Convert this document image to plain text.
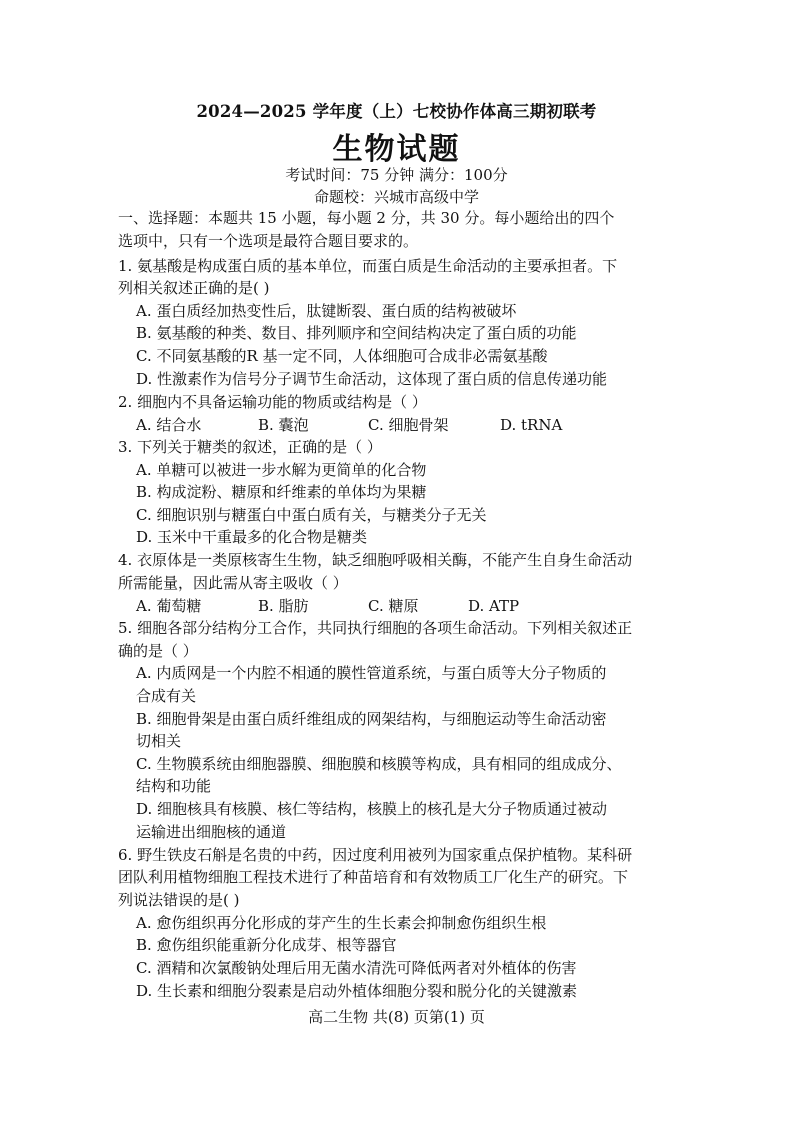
2024—2025 学年度（上）七校协作体高三期初联考
生物试题
考试时间：75 分钟 满分：100分
命题校：兴城市高级中学
一、选择题：本题共 15 小题，每小题 2 分，共 30 分。每小题给出的四个
选项中，只有一个选项是最符合题目要求的。
1. 氨基酸是构成蛋白质的基本单位，而蛋白质是生命活动的主要承担者。下
列相关叙述正确的是( )
A. 蛋白质经加热变性后，肽键断裂、蛋白质的结构被破坏
B. 氨基酸的种类、数目、排列顺序和空间结构决定了蛋白质的功能
C. 不同氨基酸的R 基一定不同，人体细胞可合成非必需氨基酸
D. 性激素作为信号分子调节生命活动，这体现了蛋白质的信息传递功能
2. 细胞内不具备运输功能的物质或结构是（ ）
A. 结合水	B. 囊泡	C. 细胞骨架	D. tRNA
3. 下列关于糖类的叙述，正确的是（ ）
A. 单糖可以被进一步水解为更简单的化合物
B. 构成淀粉、糖原和纤维素的单体均为果糖
C. 细胞识别与糖蛋白中蛋白质有关，与糖类分子无关
D. 玉米中干重最多的化合物是糖类
4. 衣原体是一类原核寄生生物，缺乏细胞呼吸相关酶，不能产生自身生命活动
所需能量，因此需从寄主吸收（ ）
A. 葡萄糖	B. 脂肪	C. 糖原	D. ATP
5. 细胞各部分结构分工合作，共同执行细胞的各项生命活动。下列相关叙述正
确的是（ ）
A. 内质网是一个内腔不相通的膜性管道系统，与蛋白质等大分子物质的
合成有关
B. 细胞骨架是由蛋白质纤维组成的网架结构，与细胞运动等生命活动密
切相关
C. 生物膜系统由细胞器膜、细胞膜和核膜等构成，具有相同的组成成分、
结构和功能
D. 细胞核具有核膜、核仁等结构，核膜上的核孔是大分子物质通过被动
运输进出细胞核的通道
6. 野生铁皮石斛是名贵的中药，因过度利用被列为国家重点保护植物。某科研
团队利用植物细胞工程技术进行了种苗培育和有效物质工厂化生产的研究。下
列说法错误的是( )
A. 愈伤组织再分化形成的芽产生的生长素会抑制愈伤组织生根
B. 愈伤组织能重新分化成芽、根等器官
C. 酒精和次氯酸钠处理后用无菌水清洗可降低两者对外植体的伤害
D. 生长素和细胞分裂素是启动外植体细胞分裂和脱分化的关键激素
高二生物 共(8) 页第(1) 页
